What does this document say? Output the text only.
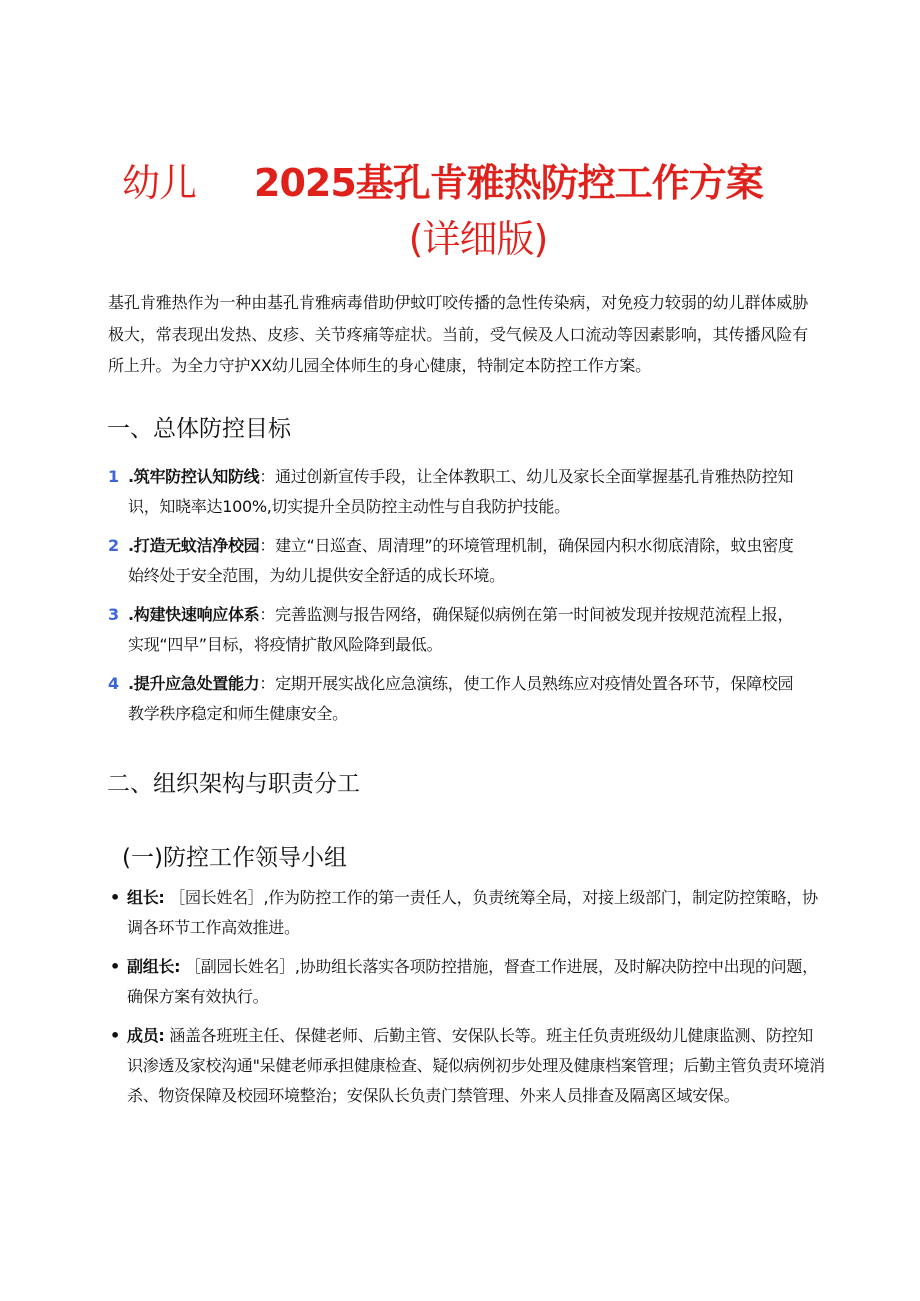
幼儿 2025基孔肯雅热防控工作方案
(详细版)

基孔肯雅热作为一种由基孔肯雅病毒借助伊蚊叮咬传播的急性传染病，对免疫力较弱的幼儿群体威胁极大，常表现出发热、皮疹、关节疼痛等症状。当前，受气候及人口流动等因素影响，其传播风险有所上升。为全力守护XX幼儿园全体师生的身心健康，特制定本防控工作方案。

一、总体防控目标
1 .筑牢防控认知防线：通过创新宣传手段，让全体教职工、幼儿及家长全面掌握基孔肯雅热防控知识，知晓率达100%,切实提升全员防控主动性与自我防护技能。
2 .打造无蚊洁净校园：建立“日巡查、周清理”的环境管理机制，确保园内积水彻底清除，蚊虫密度始终处于安全范围，为幼儿提供安全舒适的成长环境。
3 .构建快速响应体系：完善监测与报告网络，确保疑似病例在第一时间被发现并按规范流程上报，实现“四早”目标，将疫情扩散风险降到最低。
4 .提升应急处置能力：定期开展实战化应急演练，使工作人员熟练应对疫情处置各环节，保障校园教学秩序稳定和师生健康安全。
二、组织架构与职责分工
(一)防控工作领导小组
• 组长: ［园长姓名］,作为防控工作的第一责任人，负责统筹全局，对接上级部门，制定防控策略，协调各环节工作高效推进。
• 副组长: ［副园长姓名］,协助组长落实各项防控措施，督查工作进展，及时解决防控中出现的问题，确保方案有效执行。
• 成员: 涵盖各班班主任、保健老师、后勤主管、安保队长等。班主任负责班级幼儿健康监测、防控知识渗透及家校沟通"呆健老师承担健康检查、疑似病例初步处理及健康档案管理；后勤主管负责环境消杀、物资保障及校园环境整治；安保队长负责门禁管理、外来人员排查及隔离区域安保。
